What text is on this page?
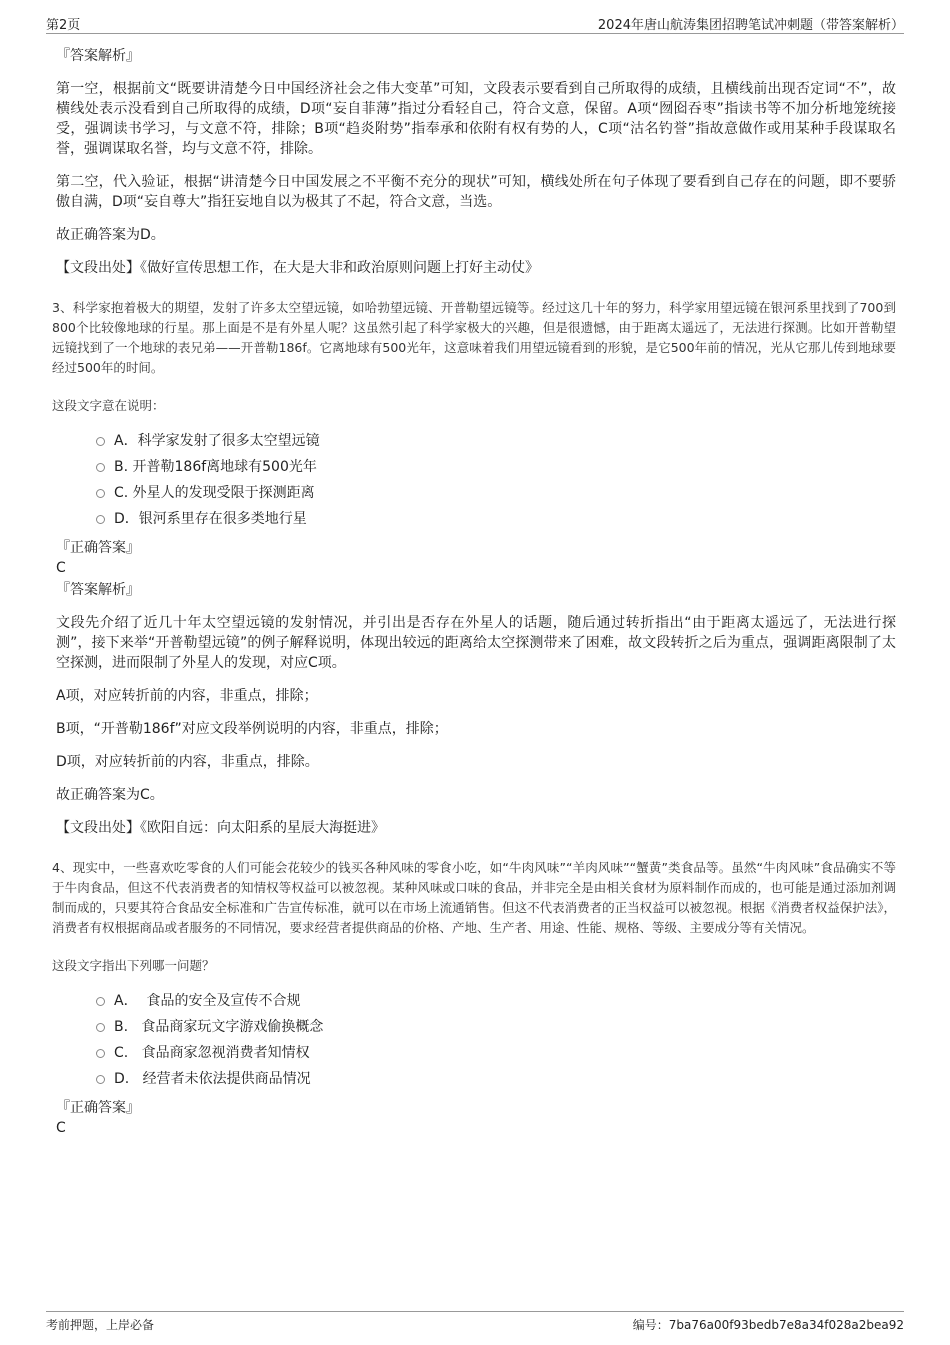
第2页	2024年唐山航涛集团招聘笔试冲刺题（带答案解析）
『答案解析』
第一空，根据前文“既要讲清楚今日中国经济社会之伟大变革”可知，文段表示要看到自己所取得的成绩，且横线前出现否定词“不”，故横线处表示没看到自己所取得的成绩，D项“妄自菲薄”指过分看轻自己，符合文意，保留。A项“囫囵吞枣”指读书等不加分析地笼统接受，强调读书学习，与文意不符，排除；B项“趋炎附势”指奉承和依附有权有势的人，C项“沽名钓誉”指故意做作或用某种手段谋取名誉，强调谋取名誉，均与文意不符，排除。
第二空，代入验证，根据“讲清楚今日中国发展之不平衡不充分的现状”可知，横线处所在句子体现了要看到自己存在的问题，即不要骄傲自满，D项“妄自尊大”指狂妄地自以为极其了不起，符合文意，当选。
故正确答案为D。
【文段出处】《做好宣传思想工作，在大是大非和政治原则问题上打好主动仗》
3、科学家抱着极大的期望，发射了许多太空望远镜，如哈勃望远镜、开普勒望远镜等。经过这几十年的努力，科学家用望远镜在银河系里找到了700到800个比较像地球的行星。那上面是不是有外星人呢？这虽然引起了科学家极大的兴趣，但是很遗憾，由于距离太遥远了，无法进行探测。比如开普勒望远镜找到了一个地球的表兄弟——开普勒186f。它离地球有500光年，这意味着我们用望远镜看到的形貌，是它500年前的情况，光从它那儿传到地球要经过500年的时间。
这段文字意在说明：
A．科学家发射了很多太空望远镜
B. 开普勒186f离地球有500光年
C. 外星人的发现受限于探测距离
D．银河系里存在很多类地行星
『正确答案』
C
『答案解析』
文段先介绍了近几十年太空望远镜的发射情况，并引出是否存在外星人的话题，随后通过转折指出“由于距离太遥远了，无法进行探测”，接下来举“开普勒望远镜”的例子解释说明，体现出较远的距离给太空探测带来了困难，故文段转折之后为重点，强调距离限制了太空探测，进而限制了外星人的发现，对应C项。
A项，对应转折前的内容，非重点，排除；
B项，“开普勒186f”对应文段举例说明的内容，非重点，排除；
D项，对应转折前的内容，非重点，排除。
故正确答案为C。
【文段出处】《欧阳自远：向太阳系的星辰大海挺进》
4、现实中，一些喜欢吃零食的人们可能会花较少的钱买各种风味的零食小吃，如“牛肉风味”“羊肉风味”“蟹黄”类食品等。虽然“牛肉风味”食品确实不等于牛肉食品，但这不代表消费者的知情权等权益可以被忽视。某种风味或口味的食品，并非完全是由相关食材为原料制作而成的，也可能是通过添加剂调制而成的，只要其符合食品安全标准和广告宣传标准，就可以在市场上流通销售。但这不代表消费者的正当权益可以被忽视。根据《消费者权益保护法》，消费者有权根据商品或者服务的不同情况，要求经营者提供商品的价格、产地、生产者、用途、性能、规格、等级、主要成分等有关情况。
这段文字指出下列哪一问题？
A．  食品的安全及宣传不合规
B.   食品商家玩文字游戏偷换概念
C.   食品商家忽视消费者知情权
D.   经营者未依法提供商品情况
『正确答案』
C
考前押题，上岸必备	编号：7ba76a00f93bedb7e8a34f028a2bea92
